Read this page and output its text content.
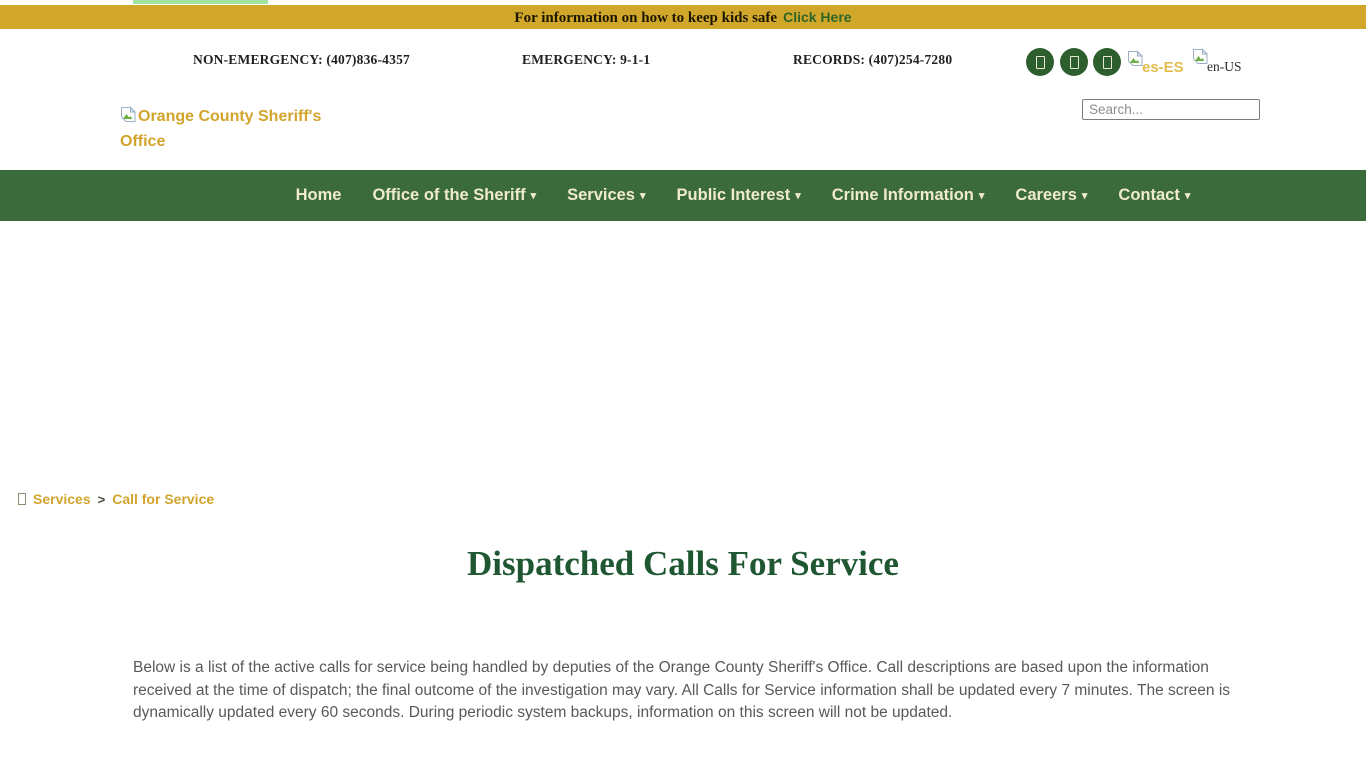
For information on how to keep kids safe Click Here
NON-EMERGENCY: (407)836-4357	EMERGENCY: 9-1-1	RECORDS: (407)254-7280	es-ES	$_{en-US}$
Search...
Orange County Sheriff's Office
Home Office of the Sheriff ▾ Services ▾ Public Interest ▾ Crime Information ▾ Careers ▾ Contact ▾
Services > Call for Service
Dispatched Calls For Service

Below is a list of the active calls for service being handled by deputies of the Orange County Sheriff's Office. Call descriptions are based upon the information received at the time of dispatch; the final outcome of the investigation may vary. All Calls for Service information shall be updated every 7 minutes. The screen is dynamically updated every 60 seconds. During periodic system backups, information on this screen will not be updated.
